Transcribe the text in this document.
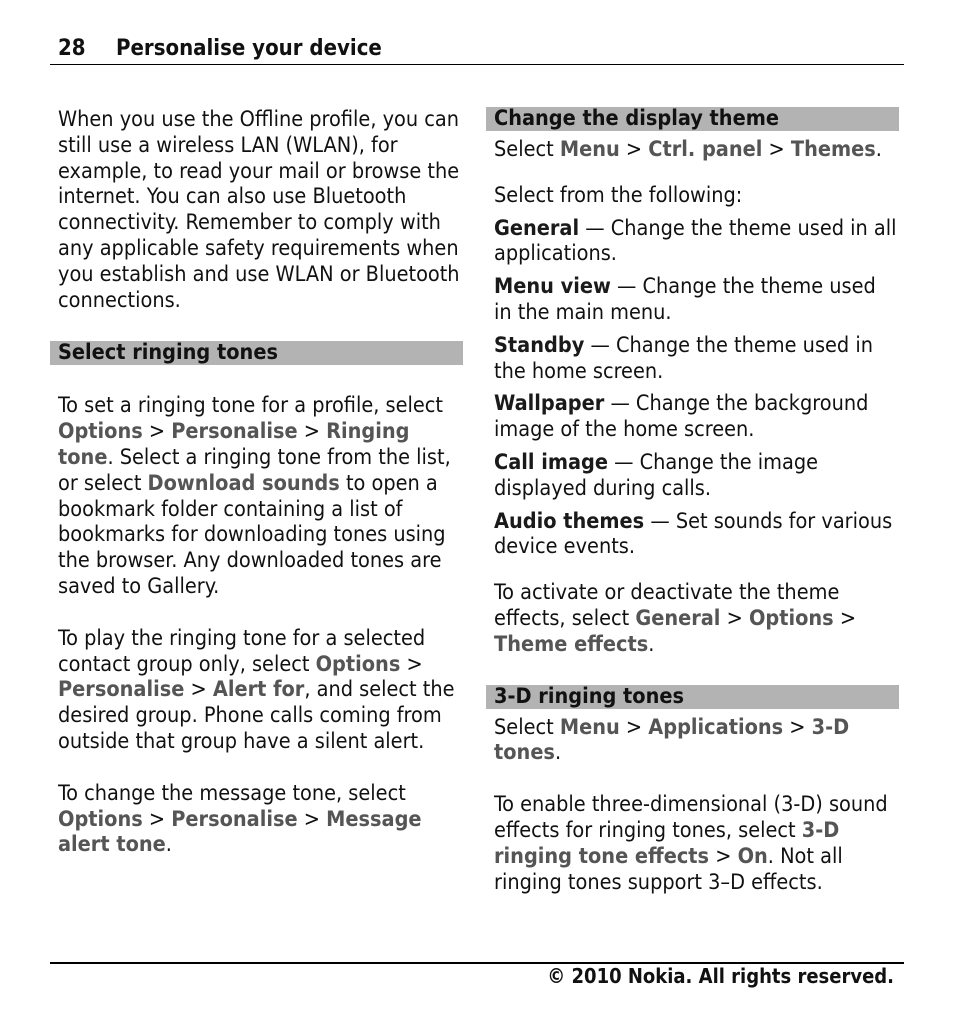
28 Personalise your device

When you use the Offline profile, you can still use a wireless LAN (WLAN), for example, to read your mail or browse the internet. You can also use Bluetooth connectivity. Remember to comply with any applicable safety requirements when you establish and use WLAN or Bluetooth connections.

Select ringing tones

To set a ringing tone for a profile, select Options > Personalise > Ringing tone. Select a ringing tone from the list, or select Download sounds to open a bookmark folder containing a list of bookmarks for downloading tones using the browser. Any downloaded tones are saved to Gallery.

To play the ringing tone for a selected contact group only, select Options > Personalise > Alert for, and select the desired group. Phone calls coming from outside that group have a silent alert.

To change the message tone, select Options > Personalise > Message alert tone.

Change the display theme

Select Menu > Ctrl. panel > Themes.

Select from the following:

General — Change the theme used in all applications.

Menu view — Change the theme used in the main menu.

Standby — Change the theme used in the home screen.

Wallpaper — Change the background image of the home screen.

Call image — Change the image displayed during calls.

Audio themes — Set sounds for various device events.

To activate or deactivate the theme effects, select General > Options > Theme effects.

3-D ringing tones

Select Menu > Applications > 3-D tones.

To enable three-dimensional (3-D) sound effects for ringing tones, select 3-D ringing tone effects > On. Not all ringing tones support 3–D effects.

© 2010 Nokia. All rights reserved.
